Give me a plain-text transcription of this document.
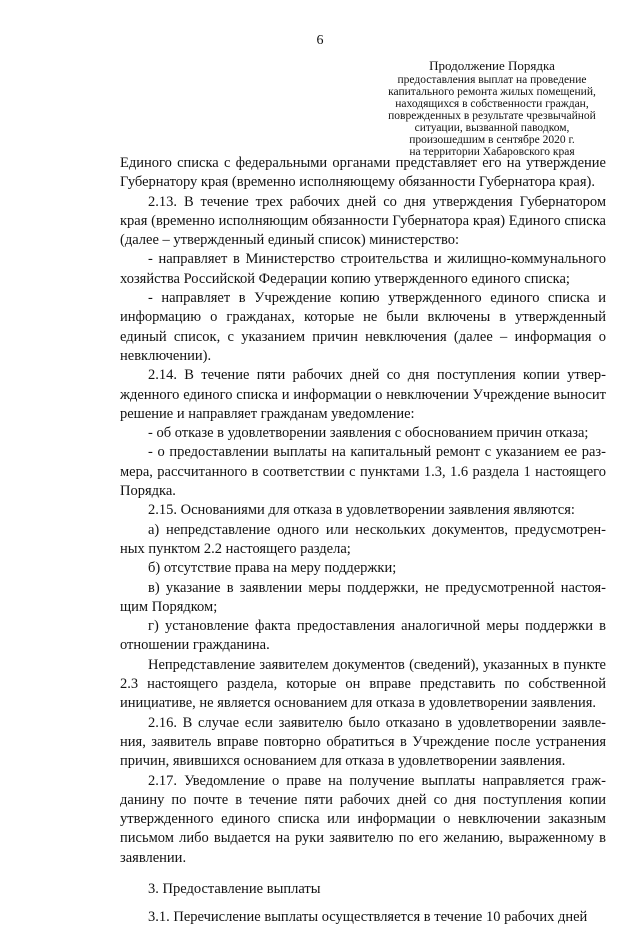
6
Продолжение Порядка
предоставления выплат на проведение
капитального ремонта жилых помещений,
находящихся в собственности граждан,
поврежденных в результате чрезвычайной
ситуации, вызванной паводком,
произошедшим в сентябре 2020 г.
на территории Хабаровского края

Единого списка с федеральными органами представляет его на утверждение Губернатору края (временно исполняющему обязанности Губернатора края).

2.13. В течение трех рабочих дней со дня утверждения Губернатором края (временно исполняющим обязанности Губернатора края) Единого списка (далее – утвержденный единый список) министерство:

- направляет в Министерство строительства и жилищно-коммунального хозяйства Российской Федерации копию утвержденного единого списка;

- направляет в Учреждение копию утвержденного единого списка и информацию о гражданах, которые не были включены в утвержденный единый список, с указанием причин невключения (далее – информация о невключении).

2.14. В течение пяти рабочих дней со дня поступления копии утвержденного единого списка и информации о невключении Учреждение выносит решение и направляет гражданам уведомление:

- об отказе в удовлетворении заявления с обоснованием причин отказа;

- о предоставлении выплаты на капитальный ремонт с указанием ее размера, рассчитанного в соответствии с пунктами 1.3, 1.6 раздела 1 настоящего Порядка.

2.15. Основаниями для отказа в удовлетворении заявления являются:

а) непредставление одного или нескольких документов, предусмотренных пунктом 2.2 настоящего раздела;

б) отсутствие права на меру поддержки;

в) указание в заявлении меры поддержки, не предусмотренной настоящим Порядком;

г) установление факта предоставления аналогичной меры поддержки в отношении гражданина.

Непредставление заявителем документов (сведений), указанных в пункте 2.3 настоящего раздела, которые он вправе представить по собственной инициативе, не является основанием для отказа в удовлетворении заявления.

2.16. В случае если заявителю было отказано в удовлетворении заявления, заявитель вправе повторно обратиться в Учреждение после устранения причин, явившихся основанием для отказа в удовлетворении заявления.

2.17. Уведомление о праве на получение выплаты направляется гражданину по почте в течение пяти рабочих дней со дня поступления копии утвержденного единого списка или информации о невключении заказным письмом либо выдается на руки заявителю по его желанию, выраженному в заявлении.

3. Предоставление выплаты

3.1. Перечисление выплаты осуществляется в течение 10 рабочих дней
